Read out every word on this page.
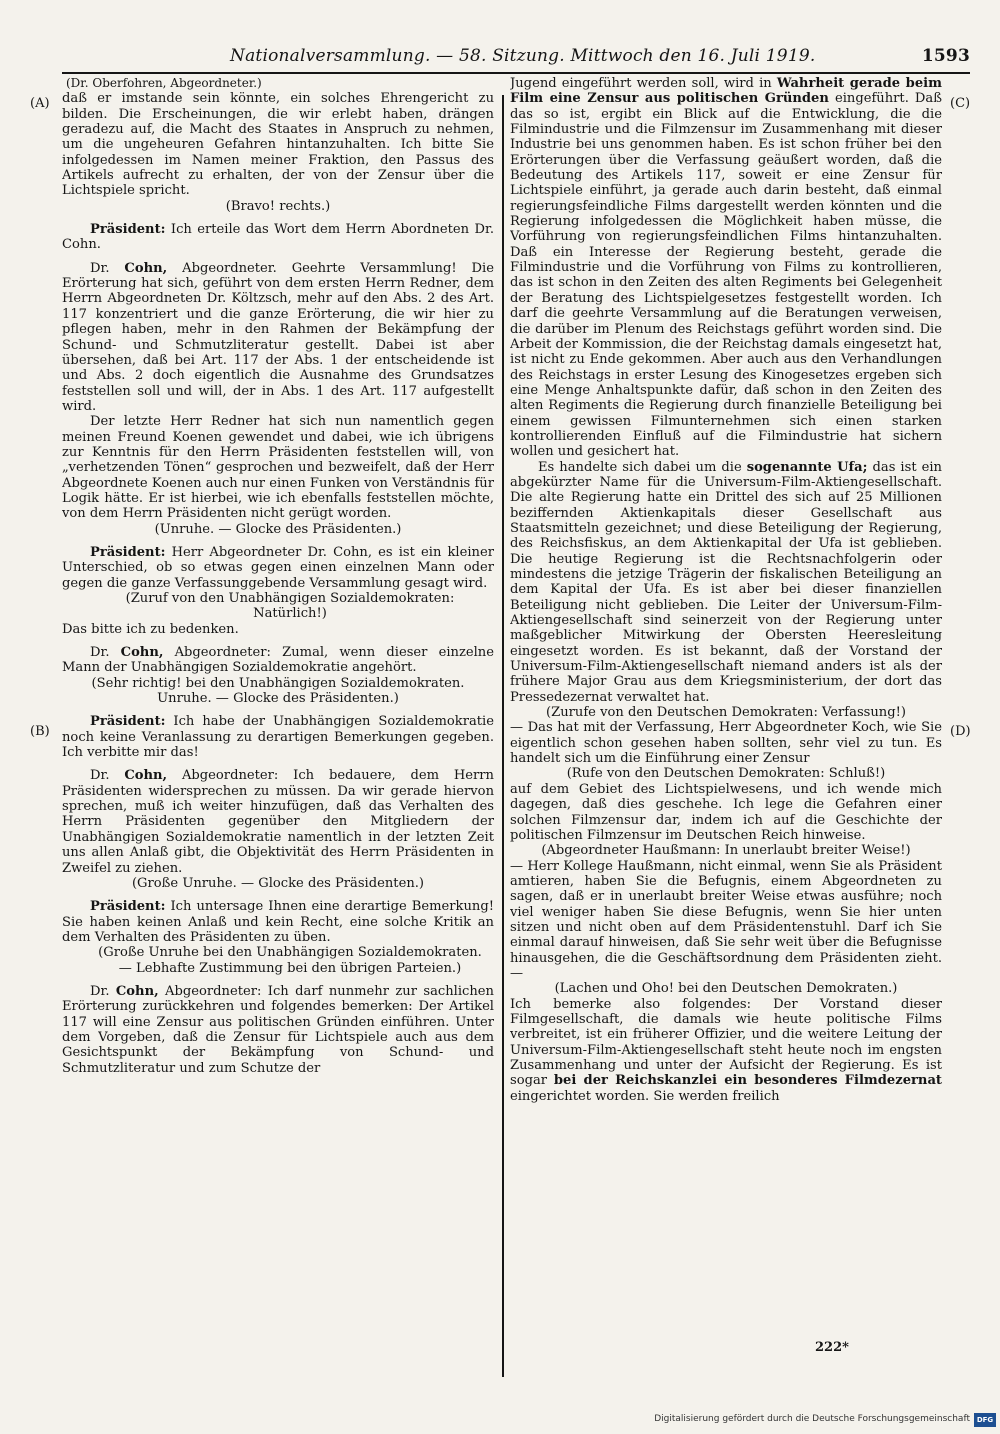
Nationalversammlung. — 58. Sitzung. Mittwoch den 16. Juli 1919.	1593
(A)
(B)
(C)
(D)

(Dr. Oberfohren, Abgeordneter.)

daß er imstande sein könnte, ein solches Ehrengericht zu bilden. Die Erscheinungen, die wir erlebt haben, drängen geradezu auf, die Macht des Staates in Anspruch zu nehmen, um die ungeheuren Gefahren hintanzuhalten. Ich bitte Sie infolgedessen im Namen meiner Fraktion, den Passus des Artikels aufrecht zu erhalten, der von der Zensur über die Lichtspiele spricht.

(Bravo! rechts.)

Präsident: Ich erteile das Wort dem Herrn Abordneten Dr. Cohn.

Dr. Cohn, Abgeordneter. Geehrte Versammlung! Die Erörterung hat sich, geführt von dem ersten Herrn Redner, dem Herrn Abgeordneten Dr. Költzsch, mehr auf den Abs. 2 des Art. 117 konzentriert und die ganze Erörterung, die wir hier zu pflegen haben, mehr in den Rahmen der Bekämpfung der Schund- und Schmutzliteratur gestellt. Dabei ist aber übersehen, daß bei Art. 117 der Abs. 1 der entscheidende ist und Abs. 2 doch eigentlich die Ausnahme des Grundsatzes feststellen soll und will, der in Abs. 1 des Art. 117 aufgestellt wird.

Der letzte Herr Redner hat sich nun namentlich gegen meinen Freund Koenen gewendet und dabei, wie ich übrigens zur Kenntnis für den Herrn Präsidenten feststellen will, von „verhetzenden Tönen“ gesprochen und bezweifelt, daß der Herr Abgeordnete Koenen auch nur einen Funken von Verständnis für Logik hätte. Er ist hierbei, wie ich ebenfalls feststellen möchte, von dem Herrn Präsidenten nicht gerügt worden.

(Unruhe. — Glocke des Präsidenten.)

Präsident: Herr Abgeordneter Dr. Cohn, es ist ein kleiner Unterschied, ob so etwas gegen einen einzelnen Mann oder gegen die ganze Verfassunggebende Versammlung gesagt wird.

(Zuruf von den Unabhängigen Sozialdemokraten: Natürlich!)

Das bitte ich zu bedenken.

Dr. Cohn, Abgeordneter: Zumal, wenn dieser einzelne Mann der Unabhängigen Sozialdemokratie angehört.

(Sehr richtig! bei den Unabhängigen Sozialdemokraten.

Unruhe. — Glocke des Präsidenten.)

Präsident: Ich habe der Unabhängigen Sozialdemokratie noch keine Veranlassung zu derartigen Bemerkungen gegeben. Ich verbitte mir das!

Dr. Cohn, Abgeordneter: Ich bedauere, dem Herrn Präsidenten widersprechen zu müssen. Da wir gerade hiervon sprechen, muß ich weiter hinzufügen, daß das Verhalten des Herrn Präsidenten gegenüber den Mitgliedern der Unabhängigen Sozialdemokratie namentlich in der letzten Zeit uns allen Anlaß gibt, die Objektivität des Herrn Präsidenten in Zweifel zu ziehen.

(Große Unruhe. — Glocke des Präsidenten.)

Präsident: Ich untersage Ihnen eine derartige Bemerkung! Sie haben keinen Anlaß und kein Recht, eine solche Kritik an dem Verhalten des Präsidenten zu üben.

(Große Unruhe bei den Unabhängigen Sozialdemokraten. — Lebhafte Zustimmung bei den übrigen Parteien.)

Dr. Cohn, Abgeordneter: Ich darf nunmehr zur sachlichen Erörterung zurückkehren und folgendes bemerken: Der Artikel 117 will eine Zensur aus politischen Gründen einführen. Unter dem Vorgeben, daß die Zensur für Lichtspiele auch aus dem Gesichtspunkt der Bekämpfung von Schund- und Schmutzliteratur und zum Schutze der

Jugend eingeführt werden soll, wird in Wahrheit gerade beim Film eine Zensur aus politischen Gründen eingeführt. Daß das so ist, ergibt ein Blick auf die Entwicklung, die die Filmindustrie und die Filmzensur im Zusammenhang mit dieser Industrie bei uns genommen haben. Es ist schon früher bei den Erörterungen über die Verfassung geäußert worden, daß die Bedeutung des Artikels 117, soweit er eine Zensur für Lichtspiele einführt, ja gerade auch darin besteht, daß einmal regierungsfeindliche Films dargestellt werden könnten und die Regierung infolgedessen die Möglichkeit haben müsse, die Vorführung von regierungsfeindlichen Films hintanzuhalten. Daß ein Interesse der Regierung besteht, gerade die Filmindustrie und die Vorführung von Films zu kontrollieren, das ist schon in den Zeiten des alten Regiments bei Gelegenheit der Beratung des Lichtspielgesetzes festgestellt worden. Ich darf die geehrte Versammlung auf die Beratungen verweisen, die darüber im Plenum des Reichstags geführt worden sind. Die Arbeit der Kommission, die der Reichstag damals eingesetzt hat, ist nicht zu Ende gekommen. Aber auch aus den Verhandlungen des Reichstags in erster Lesung des Kinogesetzes ergeben sich eine Menge Anhaltspunkte dafür, daß schon in den Zeiten des alten Regiments die Regierung durch finanzielle Beteiligung bei einem gewissen Filmunternehmen sich einen starken kontrollierenden Einfluß auf die Filmindustrie hat sichern wollen und gesichert hat.

Es handelte sich dabei um die sogenannte Ufa; das ist ein abgekürzter Name für die Universum-Film-Aktiengesellschaft. Die alte Regierung hatte ein Drittel des sich auf 25 Millionen beziffernden Aktienkapitals dieser Gesellschaft aus Staatsmitteln gezeichnet; und diese Beteiligung der Regierung, des Reichsfiskus, an dem Aktienkapital der Ufa ist geblieben. Die heutige Regierung ist die Rechtsnachfolgerin oder mindestens die jetzige Trägerin der fiskalischen Beteiligung an dem Kapital der Ufa. Es ist aber bei dieser finanziellen Beteiligung nicht geblieben. Die Leiter der Universum-Film-Aktiengesellschaft sind seinerzeit von der Regierung unter maßgeblicher Mitwirkung der Obersten Heeresleitung eingesetzt worden. Es ist bekannt, daß der Vorstand der Universum-Film-Aktiengesellschaft niemand anders ist als der frühere Major Grau aus dem Kriegsministerium, der dort das Pressedezernat verwaltet hat.

(Zurufe von den Deutschen Demokraten: Verfassung!)

— Das hat mit der Verfassung, Herr Abgeordneter Koch, wie Sie eigentlich schon gesehen haben sollten, sehr viel zu tun. Es handelt sich um die Einführung einer Zensur

(Rufe von den Deutschen Demokraten: Schluß!)

auf dem Gebiet des Lichtspielwesens, und ich wende mich dagegen, daß dies geschehe. Ich lege die Gefahren einer solchen Filmzensur dar, indem ich auf die Geschichte der politischen Filmzensur im Deutschen Reich hinweise.

(Abgeordneter Haußmann: In unerlaubt breiter Weise!)

— Herr Kollege Haußmann, nicht einmal, wenn Sie als Präsident amtieren, haben Sie die Befugnis, einem Abgeordneten zu sagen, daß er in unerlaubt breiter Weise etwas ausführe; noch viel weniger haben Sie diese Befugnis, wenn Sie hier unten sitzen und nicht oben auf dem Präsidentenstuhl. Darf ich Sie einmal darauf hinweisen, daß Sie sehr weit über die Befugnisse hinausgehen, die die Geschäftsordnung dem Präsidenten zieht. —

(Lachen und Oho! bei den Deutschen Demokraten.)

Ich bemerke also folgendes: Der Vorstand dieser Filmgesellschaft, die damals wie heute politische Films verbreitet, ist ein früherer Offizier, und die weitere Leitung der Universum-Film-Aktiengesellschaft steht heute noch im engsten Zusammenhang und unter der Aufsicht der Regierung. Es ist sogar bei der Reichskanzlei ein besonderes Filmdezernat eingerichtet worden. Sie werden freilich

222*
Digitalisierung gefördert durch die Deutsche Forschungsgemeinschaft DFG
